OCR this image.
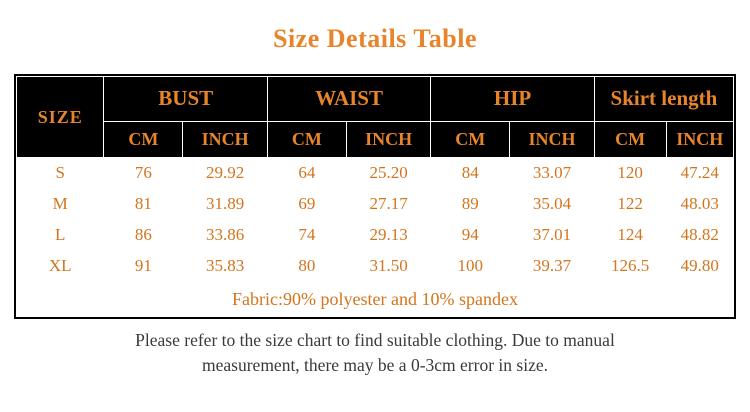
Size Details Table
SIZE	BUST		WAIST		HIP		Skirt length	
	CM	INCH	CM	INCH	CM	INCH	CM	INCH
S	76	29.92	64	25.20	84	33.07	120	47.24
M	81	31.89	69	27.17	89	35.04	122	48.03
L	86	33.86	74	29.13	94	37.01	124	48.82
XL	91	35.83	80	31.50	100	39.37	126.5	49.80
Fabric:90% polyester and 10% spandex								
Please refer to the size chart to find suitable clothing. Due to manual
measurement, there may be a 0-3cm error in size.
